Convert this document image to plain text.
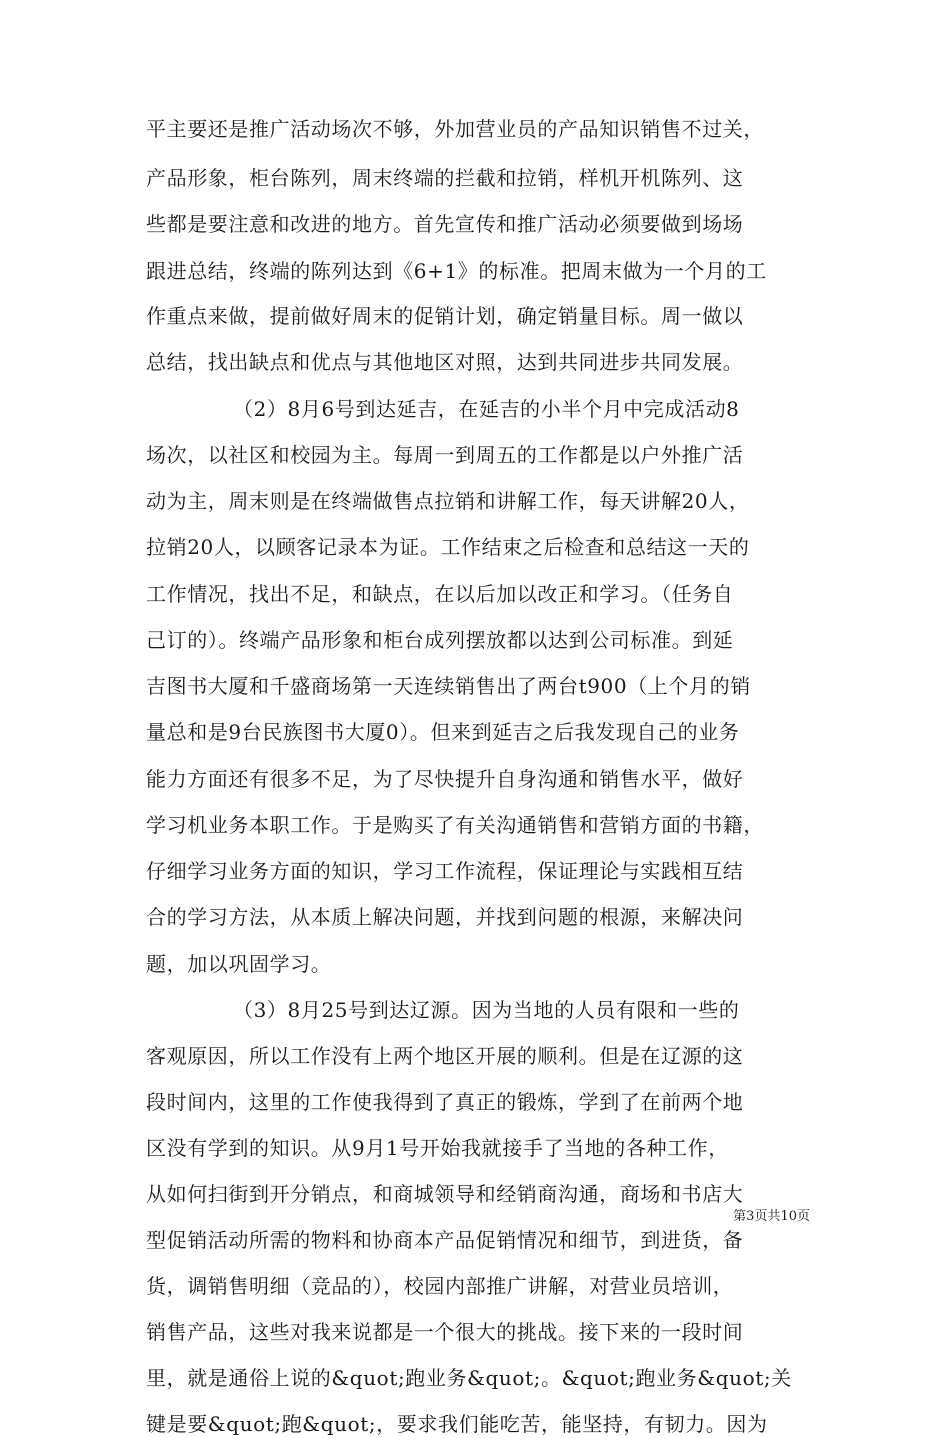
平主要还是推广活动场次不够，外加营业员的产品知识销售不过关，
产品形象，柜台陈列，周末终端的拦截和拉销，样机开机陈列、这
些都是要注意和改进的地方。首先宣传和推广活动必须要做到场场
跟进总结，终端的陈列达到《6+1》的标准。把周末做为一个月的工
作重点来做，提前做好周末的促销计划，确定销量目标。周一做以
总结，找出缺点和优点与其他地区对照，达到共同进步共同发展。
（2）8月6号到达延吉，在延吉的小半个月中完成活动8
场次，以社区和校园为主。每周一到周五的工作都是以户外推广活
动为主，周末则是在终端做售点拉销和讲解工作，每天讲解20人，
拉销20人，以顾客记录本为证。工作结束之后检查和总结这一天的
工作情况，找出不足，和缺点，在以后加以改正和学习。（任务自
己订的）。终端产品形象和柜台成列摆放都以达到公司标准。到延
吉图书大厦和千盛商场第一天连续销售出了两台t900（上个月的销
量总和是9台民族图书大厦0）。但来到延吉之后我发现自己的业务
能力方面还有很多不足，为了尽快提升自身沟通和销售水平，做好
学习机业务本职工作。于是购买了有关沟通销售和营销方面的书籍，
仔细学习业务方面的知识，学习工作流程，保证理论与实践相互结
合的学习方法，从本质上解决问题，并找到问题的根源，来解决问
题，加以巩固学习。
（3）8月25号到达辽源。因为当地的人员有限和一些的
客观原因，所以工作没有上两个地区开展的顺利。但是在辽源的这
段时间内，这里的工作使我得到了真正的锻炼，学到了在前两个地
区没有学到的知识。从9月1号开始我就接手了当地的各种工作，
从如何扫街到开分销点，和商城领导和经销商沟通，商场和书店大
型促销活动所需的物料和协商本产品促销情况和细节，到进货，备
货，调销售明细（竞品的），校园内部推广讲解，对营业员培训，
销售产品，这些对我来说都是一个很大的挑战。接下来的一段时间
里，就是通俗上说的&quot;跑业务&quot;。&quot;跑业务&quot;关
键是要&quot;跑&quot;，要求我们能吃苦，能坚持，有韧力。因为
第3页共10页
